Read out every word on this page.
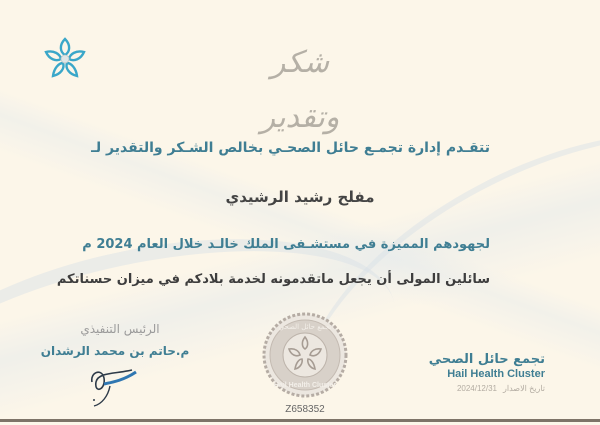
شكر وتقدير
تتقـدم إدارة تجمـع حائل الصحـي بخالص الشـكر والتقدير لـ
مفلح رشيد الرشيدي
لجهودهم المميزة في مستشـفى الملك خالـد خلال العام 2024 م
سائلين المولى أن يجعل ماتقدمونه لخدمة بلادكم في ميزان حسناتكم
الرئيس التنفيذي
م.حاتم بن محمد الرشدان
تجمع حائل الصحي
Hail Health Cluster
Z658352
تجمع حائل الصحي
Hail Health Cluster
2024/12/31 تاريخ الاصدار
